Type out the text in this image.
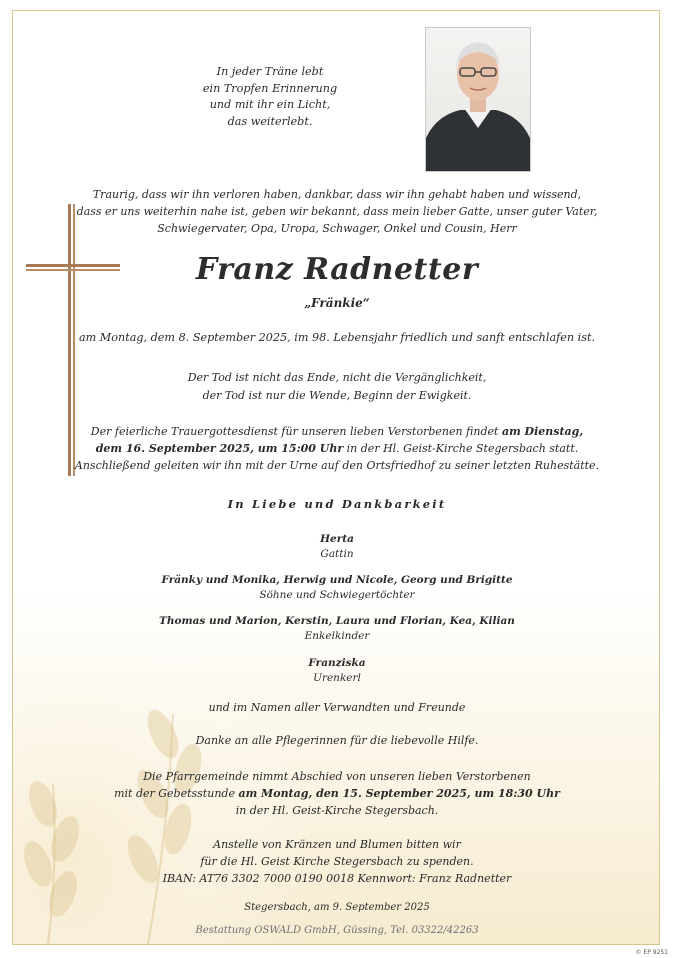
In jeder Träne lebt
ein Tropfen Erinnerung
und mit ihr ein Licht,
das weiterlebt.
Traurig, dass wir ihn verloren haben, dankbar, dass wir ihn gehabt haben und wissend,
dass er uns weiterhin nahe ist, geben wir bekannt, dass mein lieber Gatte, unser guter Vater,
Schwiegervater, Opa, Uropa, Schwager, Onkel und Cousin, Herr
Franz Radnetter
„Fränkie“
am Montag, dem 8. September 2025, im 98. Lebensjahr friedlich und sanft entschlafen ist.
Der Tod ist nicht das Ende, nicht die Vergänglichkeit,
der Tod ist nur die Wende, Beginn der Ewigkeit.
Der feierliche Trauergottesdienst für unseren lieben Verstorbenen findet am Dienstag,
dem 16. September 2025, um 15:00 Uhr in der Hl. Geist-Kirche Stegersbach statt.
Anschließend geleiten wir ihn mit der Urne auf den Ortsfriedhof zu seiner letzten Ruhestätte.
In Liebe und Dankbarkeit
Herta
Gattin
Fränky und Monika, Herwig und Nicole, Georg und Brigitte
Söhne und Schwiegertöchter
Thomas und Marion, Kerstin, Laura und Florian, Kea, Kilian
Enkelkinder
Franziska
Urenkerl
und im Namen aller Verwandten und Freunde
Danke an alle Pflegerinnen für die liebevolle Hilfe.
Die Pfarrgemeinde nimmt Abschied von unseren lieben Verstorbenen
mit der Gebetsstunde am Montag, den 15. September 2025, um 18:30 Uhr
in der Hl. Geist-Kirche Stegersbach.
Anstelle von Kränzen und Blumen bitten wir
für die Hl. Geist Kirche Stegersbach zu spenden.
IBAN: AT76 3302 7000 0190 0018 Kennwort: Franz Radnetter
Stegersbach, am 9. September 2025
Bestattung OSWALD GmbH, Güssing, Tel. 03322/42263
© EP 9251
